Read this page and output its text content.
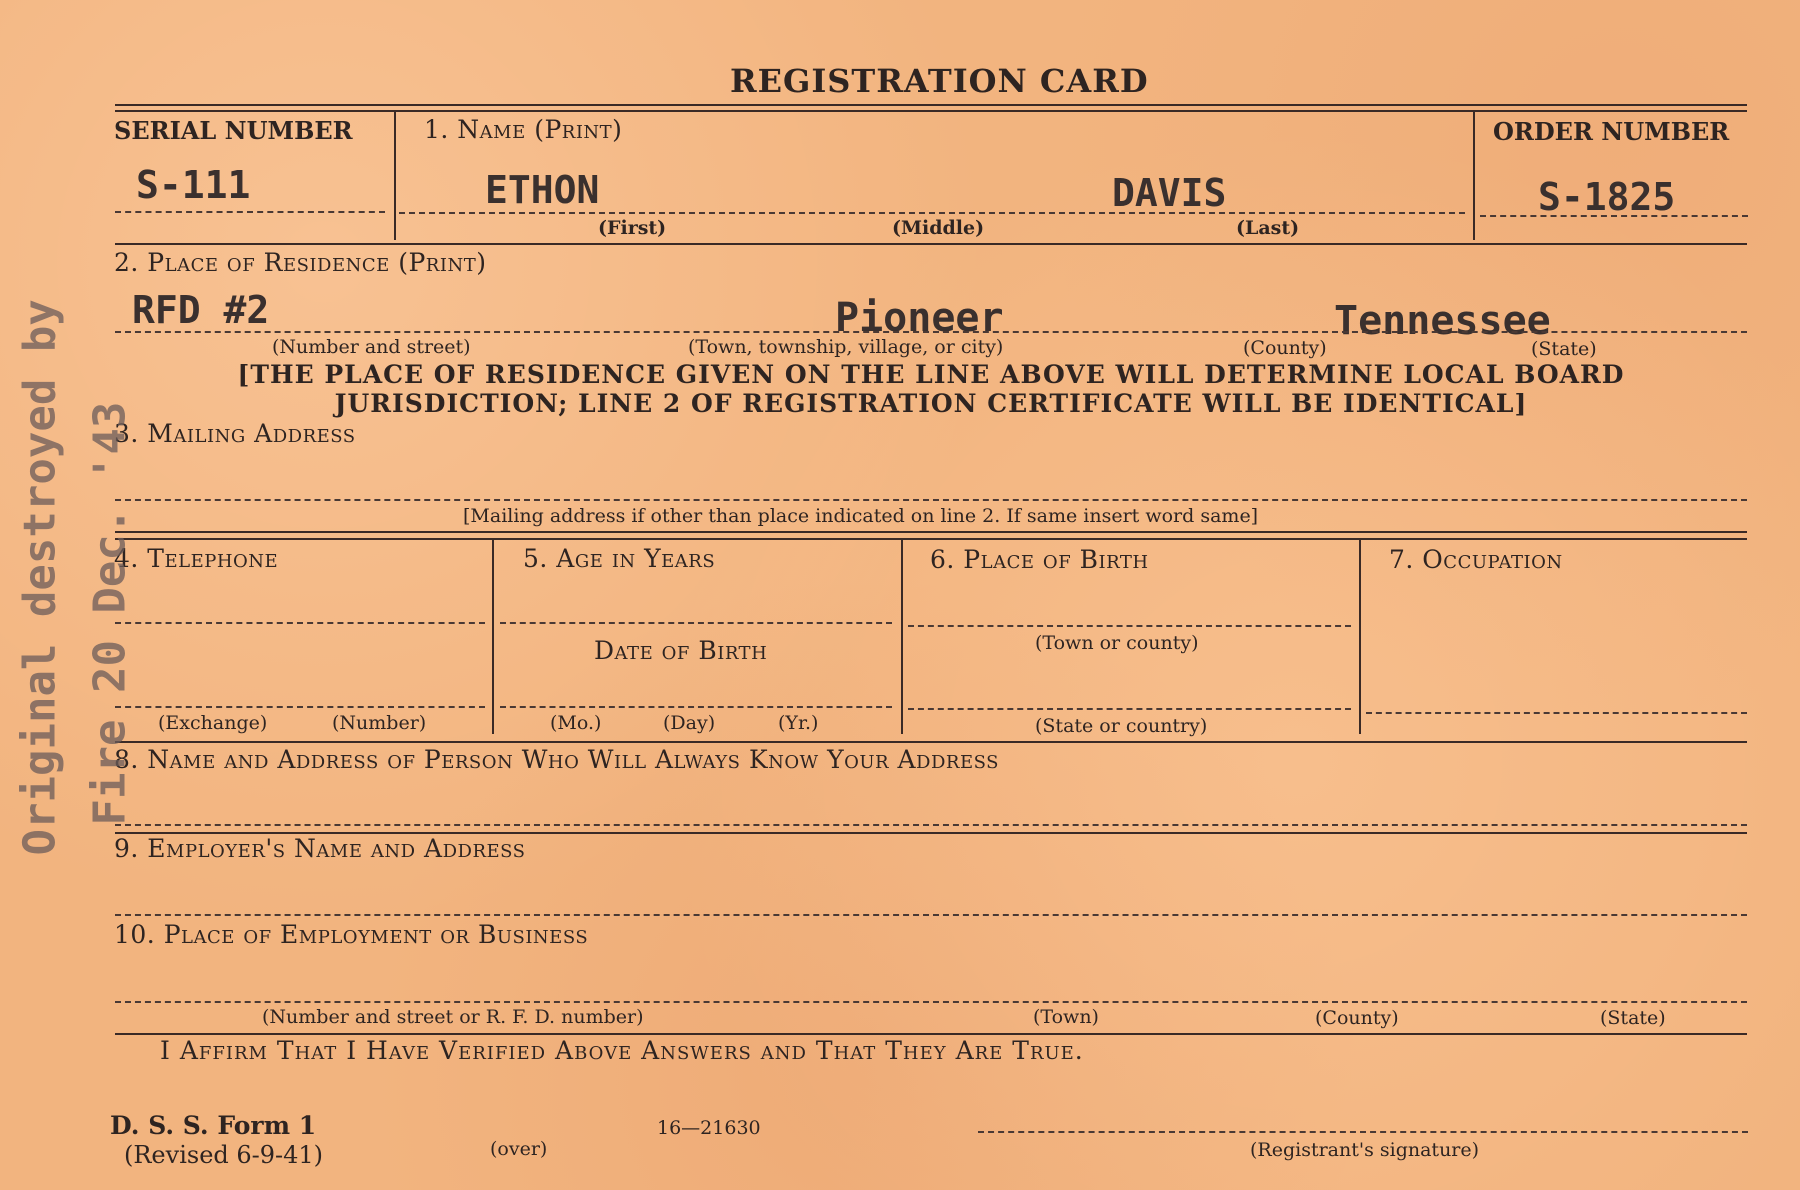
REGISTRATION CARD
SERIAL NUMBER
S-111
1. Name (Print)
ETHON	DAVIS
(First)	(Middle)	(Last)
ORDER NUMBER
S-1825
2. Place of Residence (Print)
RFD #2	Pioneer	Tennessee
(Number and street)	(Town, township, village, or city)	(County)	(State)
[THE PLACE OF RESIDENCE GIVEN ON THE LINE ABOVE WILL DETERMINE LOCAL BOARD
JURISDICTION; LINE 2 OF REGISTRATION CERTIFICATE WILL BE IDENTICAL]
3. Mailing Address
[Mailing address if other than place indicated on line 2. If same insert word same]
4. Telephone
(Exchange)	(Number)
5. Age in Years
Date of Birth
(Mo.)	(Day)	(Yr.)
6. Place of Birth
(Town or county)
(State or country)
7. Occupation
8. Name and Address of Person Who Will Always Know Your Address
9. Employer's Name and Address
10. Place of Employment or Business
(Number and street or R. F. D. number)	(Town)	(County)	(State)
I Affirm That I Have Verified Above Answers and That They Are True.
D. S. S. Form 1
(Revised 6-9-41)	(over)
16—21630
(Registrant's signature)
Original destroyed by Fire 20 Dec. '43
